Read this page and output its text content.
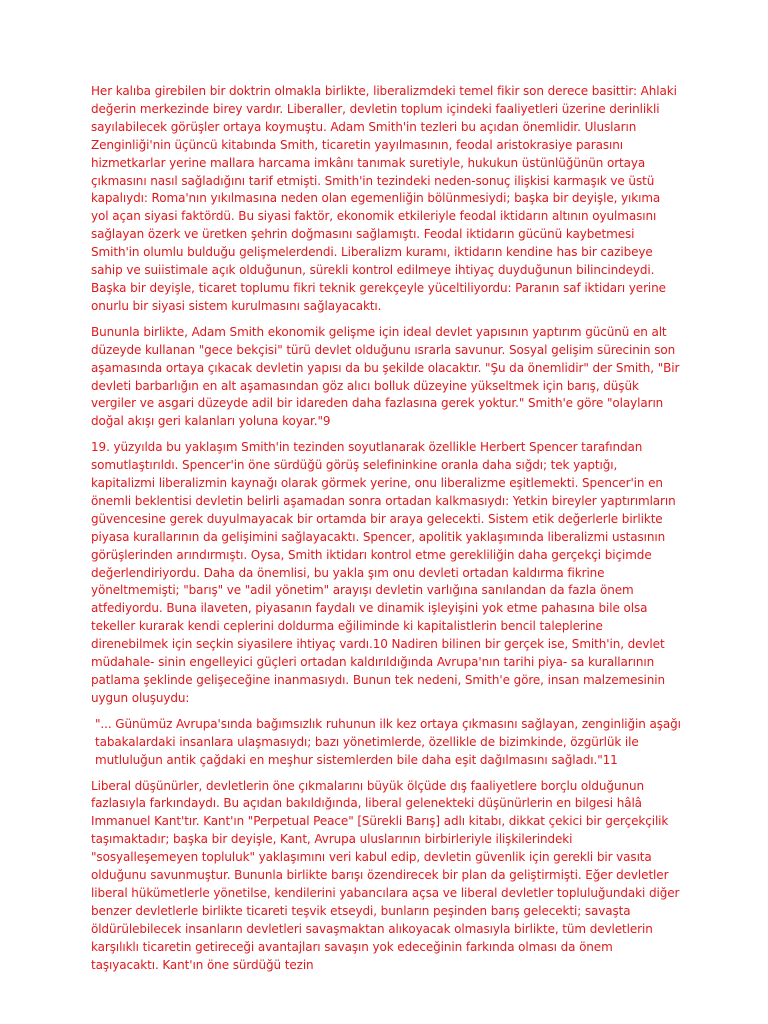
Her kalıba girebilen bir doktrin olmakla birlikte, liberalizmdeki temel fikir son derece basittir: Ahlaki değerin merkezinde birey vardır. Liberaller, devletin toplum içindeki faaliyetleri üzerine derinlikli sayılabilecek görüşler ortaya koymuştu. Adam Smith'in tezleri bu açıdan önemlidir. Ulusların Zenginliği'nin üçüncü kitabında Smith, ticaretin yayılmasının, feodal aristokrasiye parasını hizmetkarlar yerine mallara harcama imkânı tanımak suretiyle, hukukun üstünlüğünün ortaya çıkmasını nasıl sağladığını tarif etmişti. Smith'in tezindeki neden-sonuç ilişkisi karmaşık ve üstü kapalıydı: Roma'nın yıkılmasına neden olan egemenliğin bölünmesiydi; başka bir deyişle, yıkıma yol açan siyasi faktördü. Bu siyasi faktör, ekonomik etkileriyle feodal iktidarın altının oyulmasını sağlayan özerk ve üretken şehrin doğmasını sağlamıştı. Feodal iktidarın gücünü kaybetmesi Smith'in olumlu bulduğu gelişmelerdendi. Liberalizm kuramı, iktidarın kendine has bir cazibeye sahip ve suiistimale açık olduğunun, sürekli kontrol edilmeye ihtiyaç duyduğunun bilincindeydi. Başka bir deyişle, ticaret toplumu fikri teknik gerekçeyle yüceltiliyordu: Paranın saf iktidarı yerine onurlu bir siyasi sistem kurulmasını sağlayacaktı.

Bununla birlikte, Adam Smith ekonomik gelişme için ideal devlet yapısının yaptırım gücünü en alt düzeyde kullanan "gece bekçisi" türü devlet olduğunu ısrarla savunur. Sosyal gelişim sürecinin son aşamasında ortaya çıkacak devletin yapısı da bu şekilde olacaktır. "Şu da önemlidir" der Smith, "Bir devleti barbarlığın en alt aşamasından göz alıcı bolluk düzeyine yükseltmek için barış, düşük vergiler ve asgari düzeyde adil bir idareden daha fazlasına gerek yoktur." Smith'e göre "olayların doğal akışı geri kalanları yoluna koyar."9

19. yüzyılda bu yaklaşım Smith'in tezinden soyutlanarak özellikle Herbert Spencer tarafından somutlaştırıldı. Spencer'in öne sürdüğü görüş selefininkine oranla daha sığdı; tek yaptığı, kapitalizmi liberalizmin kaynağı olarak görmek yerine, onu liberalizme eşitlemekti. Spencer'in en önemli beklentisi devletin belirli aşamadan sonra ortadan kalkmasıydı: Yetkin bireyler yaptırımların güvencesine gerek duyulmayacak bir ortamda bir araya gelecekti. Sistem etik değerlerle birlikte piyasa kurallarının da gelişimini sağlayacaktı. Spencer, apolitik yaklaşımında liberalizmi ustasının görüşlerinden arındırmıştı. Oysa, Smith iktidarı kontrol etme gerekliliğin daha gerçekçi biçimde değerlendiriyordu. Daha da önemlisi, bu yakla şım onu devleti ortadan kaldırma fikrine yöneltmemişti; "barış" ve "adil yönetim" arayışı devletin varlığına sanılandan da fazla önem atfediyordu. Buna ilaveten, piyasanın faydalı ve dinamik işleyişini yok etme pahasına bile olsa tekeller kurarak kendi ceplerini doldurma eğiliminde ki kapitalistlerin bencil taleplerine direnebilmek için seçkin siyasilere ihtiyaç vardı.10 Nadiren bilinen bir gerçek ise, Smith'in, devlet müdahale- sinin engelleyici güçleri ortadan kaldırıldığında Avrupa'nın tarihi piya- sa kurallarının patlama şeklinde gelişeceğine inanmasıydı. Bunun tek nedeni, Smith'e göre, insan malzemesinin uygun oluşuydu:

"... Günümüz Avrupa'sında bağımsızlık ruhunun ilk kez ortaya çıkmasını sağlayan, zenginliğin aşağı tabakalardaki insanlara ulaşmasıydı; bazı yönetimlerde, özellikle de bizimkinde, özgürlük ile mutluluğun antik çağdaki en meşhur sistemlerden bile daha eşit dağılmasını sağladı."11

Liberal düşünürler, devletlerin öne çıkmalarını büyük ölçüde dış faaliyetlere borçlu olduğunun fazlasıyla farkındaydı. Bu açıdan bakıldığında, liberal gelenekteki düşünürlerin en bilgesi hâlâ Immanuel Kant'tır. Kant'ın "Perpetual Peace" [Sürekli Barış] adlı kitabı, dikkat çekici bir gerçekçilik taşımaktadır; başka bir deyişle, Kant, Avrupa uluslarının birbirleriyle ilişkilerindeki "sosyalleşemeyen topluluk" yaklaşımını veri kabul edip, devletin güvenlik için gerekli bir vasıta olduğunu savunmuştur. Bununla birlikte barışı özendirecek bir plan da geliştirmişti. Eğer devletler liberal hükümetlerle yönetilse, kendilerini yabancılara açsa ve liberal devletler topluluğundaki diğer benzer devletlerle birlikte ticareti teşvik etseydi, bunların peşinden barış gelecekti; savaşta öldürülebilecek insanların devletleri savaşmaktan alıkoyacak olmasıyla birlikte, tüm devletlerin karşılıklı ticaretin getireceği avantajları savaşın yok edeceğinin farkında olması da önem taşıyacaktı. Kant'ın öne sürdüğü tezin
